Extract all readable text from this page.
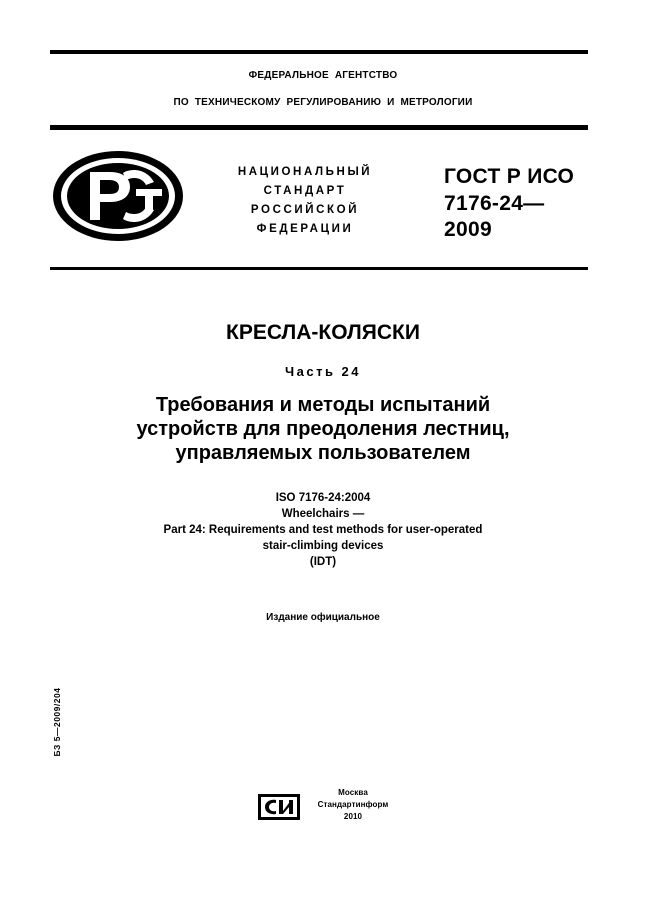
ФЕДЕРАЛЬНОЕ АГЕНТСТВО
ПО ТЕХНИЧЕСКОМУ РЕГУЛИРОВАНИЮ И МЕТРОЛОГИИ
НАЦИОНАЛЬНЫЙ
СТАНДАРТ
РОССИЙСКОЙ
ФЕДЕРАЦИИ
ГОСТ Р ИСО
7176-24—
2009
КРЕСЛА-КОЛЯСКИ
Часть 24
Требования и методы испытаний
устройств для преодоления лестниц,
управляемых пользователем
ISO 7176-24:2004
Wheelchairs —
Part 24: Requirements and test methods for user-operated
stair-climbing devices
(IDT)
Издание официальное
БЗ 5—2009/204
Москва
Стандартинформ
2010
